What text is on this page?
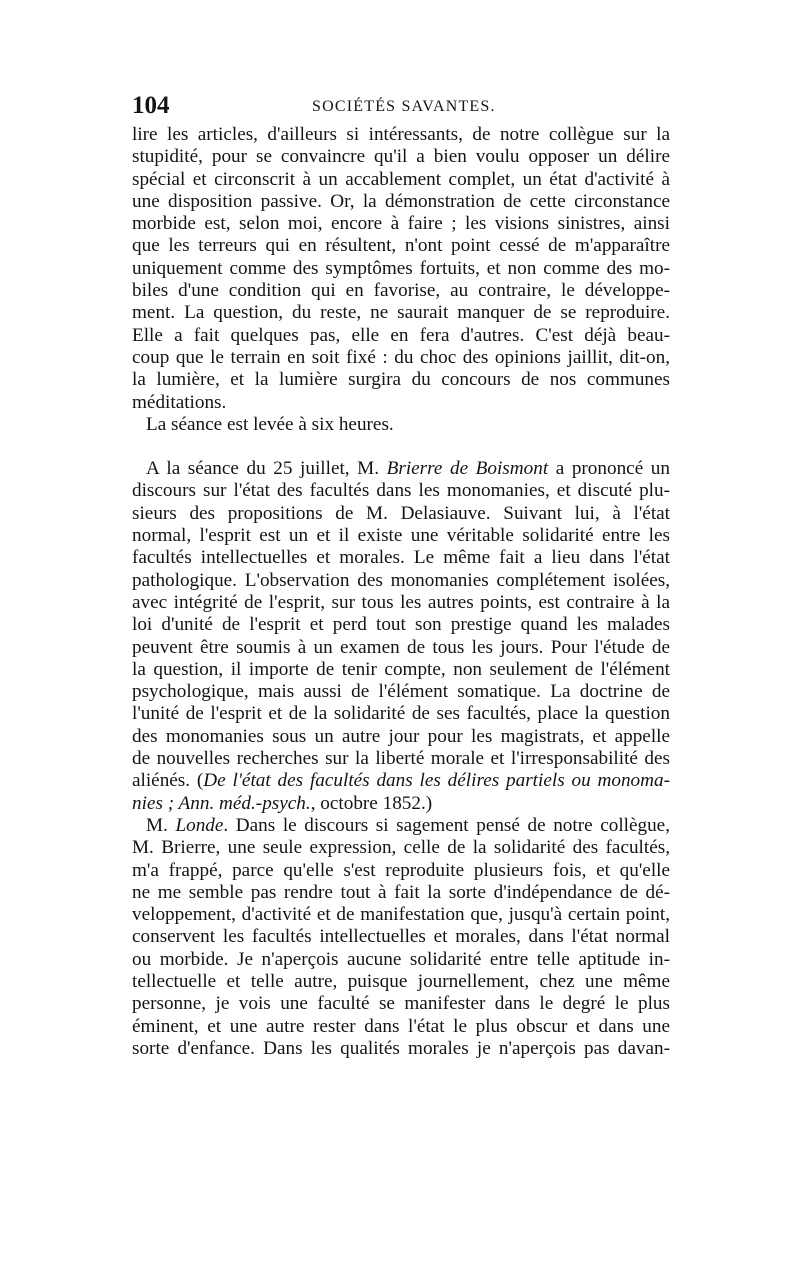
104	SOCIÉTÉS SAVANTES.
lire les articles, d'ailleurs si intéressants, de notre collègue sur la
stupidité, pour se convaincre qu'il a bien voulu opposer un délire
spécial et circonscrit à un accablement complet, un état d'activité à
une disposition passive. Or, la démonstration de cette circonstance
morbide est, selon moi, encore à faire ; les visions sinistres, ainsi
que les terreurs qui en résultent, n'ont point cessé de m'apparaître
uniquement comme des symptômes fortuits, et non comme des mo-
biles d'une condition qui en favorise, au contraire, le développe-
ment. La question, du reste, ne saurait manquer de se reproduire.
Elle a fait quelques pas, elle en fera d'autres. C'est déjà beau-
coup que le terrain en soit fixé : du choc des opinions jaillit, dit-on,
la lumière, et la lumière surgira du concours de nos communes
méditations.
La séance est levée à six heures.
A la séance du 25 juillet, M. Brierre de Boismont a prononcé un
discours sur l'état des facultés dans les monomanies, et discuté plu-
sieurs des propositions de M. Delasiauve. Suivant lui, à l'état
normal, l'esprit est un et il existe une véritable solidarité entre les
facultés intellectuelles et morales. Le même fait a lieu dans l'état
pathologique. L'observation des monomanies complétement isolées,
avec intégrité de l'esprit, sur tous les autres points, est contraire à la
loi d'unité de l'esprit et perd tout son prestige quand les malades
peuvent être soumis à un examen de tous les jours. Pour l'étude de
la question, il importe de tenir compte, non seulement de l'élément
psychologique, mais aussi de l'élément somatique. La doctrine de
l'unité de l'esprit et de la solidarité de ses facultés, place la question
des monomanies sous un autre jour pour les magistrats, et appelle
de nouvelles recherches sur la liberté morale et l'irresponsabilité des
aliénés. (De l'état des facultés dans les délires partiels ou monoma-
nies ; Ann. méd.-psych., octobre 1852.)
M. Londe. Dans le discours si sagement pensé de notre collègue,
M. Brierre, une seule expression, celle de la solidarité des facultés,
m'a frappé, parce qu'elle s'est reproduite plusieurs fois, et qu'elle
ne me semble pas rendre tout à fait la sorte d'indépendance de dé-
veloppement, d'activité et de manifestation que, jusqu'à certain point,
conservent les facultés intellectuelles et morales, dans l'état normal
ou morbide. Je n'aperçois aucune solidarité entre telle aptitude in-
tellectuelle et telle autre, puisque journellement, chez une même
personne, je vois une faculté se manifester dans le degré le plus
éminent, et une autre rester dans l'état le plus obscur et dans une
sorte d'enfance. Dans les qualités morales je n'aperçois pas davan-
